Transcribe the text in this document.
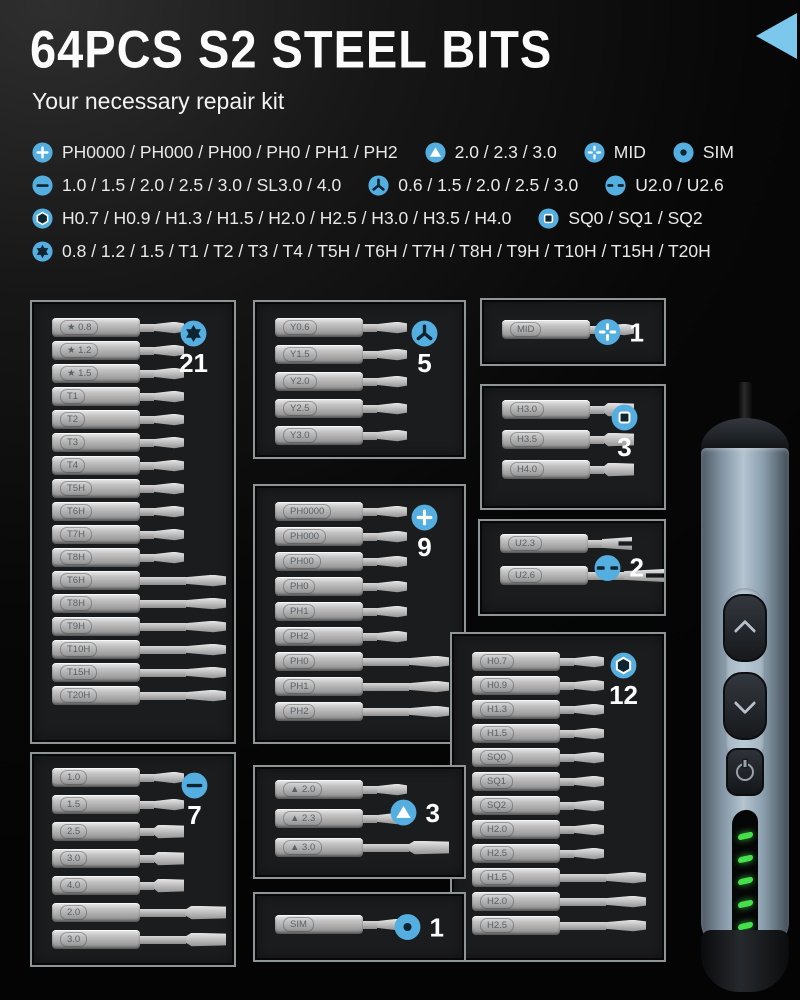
64PCS S2 STEEL BITS
Your necessary repair kit
PH0000 / PH000 / PH00 / PH0 / PH1 / PH2	2.0 / 2.3 / 3.0	MID	SIM
1.0 / 1.5 / 2.0 / 2.5 / 3.0 / SL3.0 / 4.0	0.6 / 1.5 / 2.0 / 2.5 / 3.0	U2.0 / U2.6
H0.7 / H0.9 / H1.3 / H1.5 / H2.0 / H2.5 / H3.0 / H3.5 / H4.0	SQ0 / SQ1 / SQ2
0.8 / 1.2 / 1.5 / T1 / T2 / T3 / T4 / T5H / T6H / T7H / T8H / T9H / T10H / T15H / T20H
★ 0.8
★ 1.2
★ 1.5
T1
T2
T3
T4
T5H
T6H
T7H
T8H
T6H
T8H
T9H
T10H
T15H
T20H
21
Y0.6
Y1.5
Y2.0
Y2.5
Y3.0
5
MID	1
H3.0
H3.5
H4.0
3
U2.3
U2.6	2
PH0000
PH000
PH00
PH0
PH1
PH2
PH0
PH1
PH2
9
H0.7
H0.9
H1.3
H1.5
SQ0
SQ1
SQ2
H2.0
H2.5
H1.5
H2.0
H2.5
12
1.0
1.5
2.5
3.0
4.0
2.0
3.0
7
▲ 2.0
▲ 2.3
▲ 3.0
3
SIM	1
